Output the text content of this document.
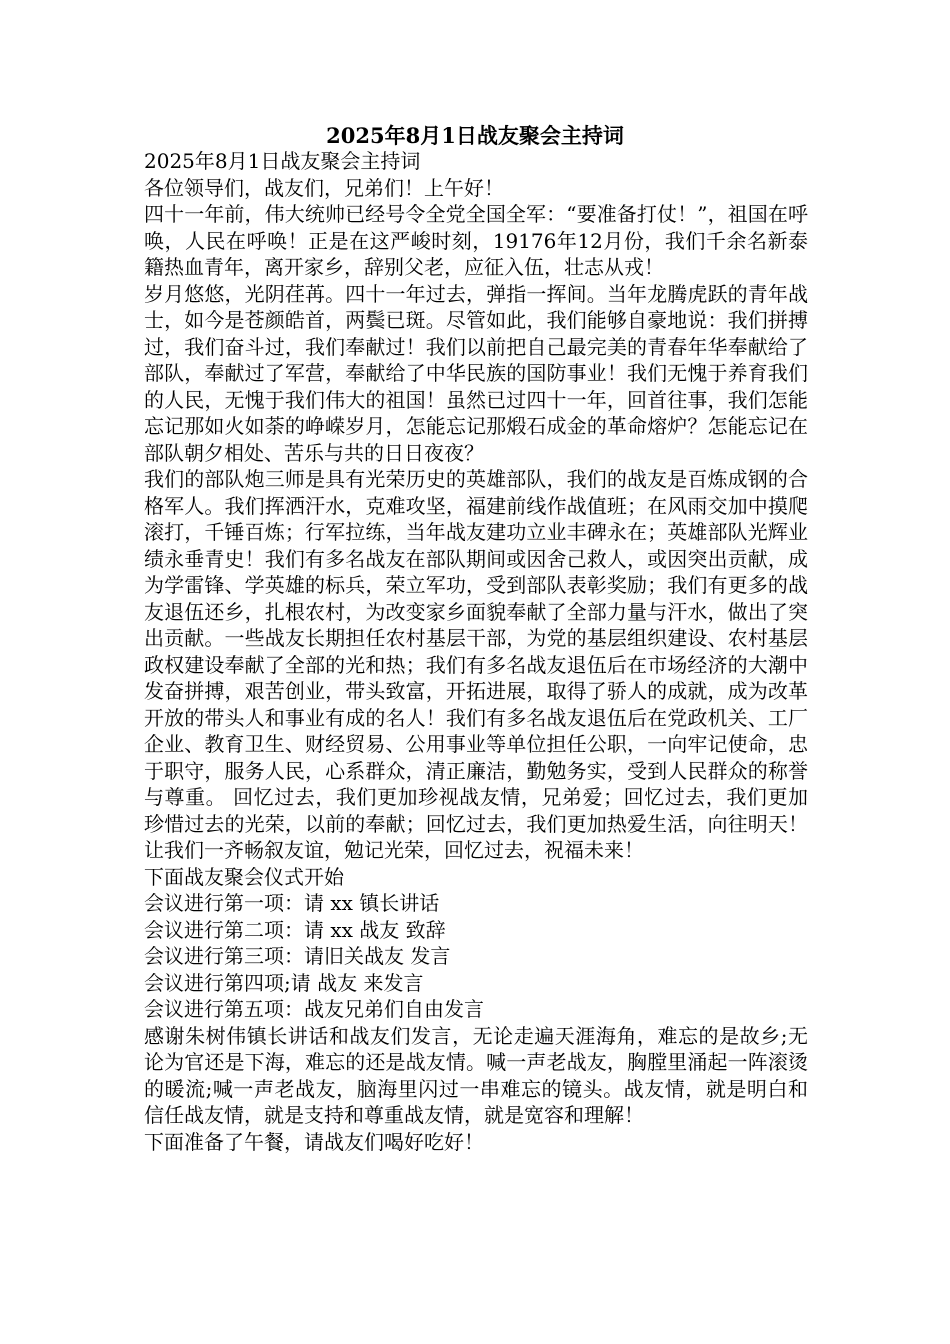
2025年8月1日战友聚会主持词

2025年8月1日战友聚会主持词

各位领导们，战友们，兄弟们！上午好！

四十一年前，伟大统帅已经号令全党全国全军：“要准备打仗！”，祖国在呼唤，人民在呼唤！正是在这严峻时刻，19176年12月份，我们千余名新泰籍热血青年，离开家乡，辞别父老，应征入伍，壮志从戎！

岁月悠悠，光阴荏苒。四十一年过去，弹指一挥间。当年龙腾虎跃的青年战士，如今是苍颜皓首，两鬓已斑。尽管如此，我们能够自豪地说：我们拼搏过，我们奋斗过，我们奉献过！我们以前把自己最完美的青春年华奉献给了部队，奉献过了军营，奉献给了中华民族的国防事业！我们无愧于养育我们的人民，无愧于我们伟大的祖国！虽然已过四十一年，回首往事，我们怎能忘记那如火如荼的峥嵘岁月，怎能忘记那煅石成金的革命熔炉？怎能忘记在部队朝夕相处、苦乐与共的日日夜夜？

我们的部队炮三师是具有光荣历史的英雄部队，我们的战友是百炼成钢的合格军人。我们挥洒汗水，克难攻坚，福建前线作战值班；在风雨交加中摸爬滚打，千锤百炼；行军拉练，当年战友建功立业丰碑永在；英雄部队光辉业绩永垂青史！我们有多名战友在部队期间或因舍己救人，或因突出贡献，成为学雷锋、学英雄的标兵，荣立军功，受到部队表彰奖励；我们有更多的战友退伍还乡，扎根农村，为改变家乡面貌奉献了全部力量与汗水，做出了突出贡献。一些战友长期担任农村基层干部，为党的基层组织建设、农村基层政权建设奉献了全部的光和热；我们有多名战友退伍后在市场经济的大潮中发奋拼搏，艰苦创业，带头致富，开拓进展，取得了骄人的成就，成为改革开放的带头人和事业有成的名人！我们有多名战友退伍后在党政机关、工厂企业、教育卫生、财经贸易、公用事业等单位担任公职，一向牢记使命，忠于职守，服务人民，心系群众，清正廉洁，勤勉务实，受到人民群众的称誉与尊重。 回忆过去，我们更加珍视战友情，兄弟爱；回忆过去，我们更加珍惜过去的光荣，以前的奉献；回忆过去，我们更加热爱生活，向往明天！让我们一齐畅叙友谊，勉记光荣，回忆过去，祝福未来！

下面战友聚会仪式开始

会议进行第一项：请 xx 镇长讲话

会议进行第二项：请 xx 战友 致辞

会议进行第三项：请旧关战友 发言

会议进行第四项;请 战友 来发言

会议进行第五项：战友兄弟们自由发言

感谢朱树伟镇长讲话和战友们发言，无论走遍天涯海角，难忘的是故乡;无论为官还是下海，难忘的还是战友情。喊一声老战友，胸膛里涌起一阵滚烫的暖流;喊一声老战友，脑海里闪过一串难忘的镜头。战友情，就是明白和信任战友情，就是支持和尊重战友情，就是宽容和理解！

下面准备了午餐，请战友们喝好吃好！
